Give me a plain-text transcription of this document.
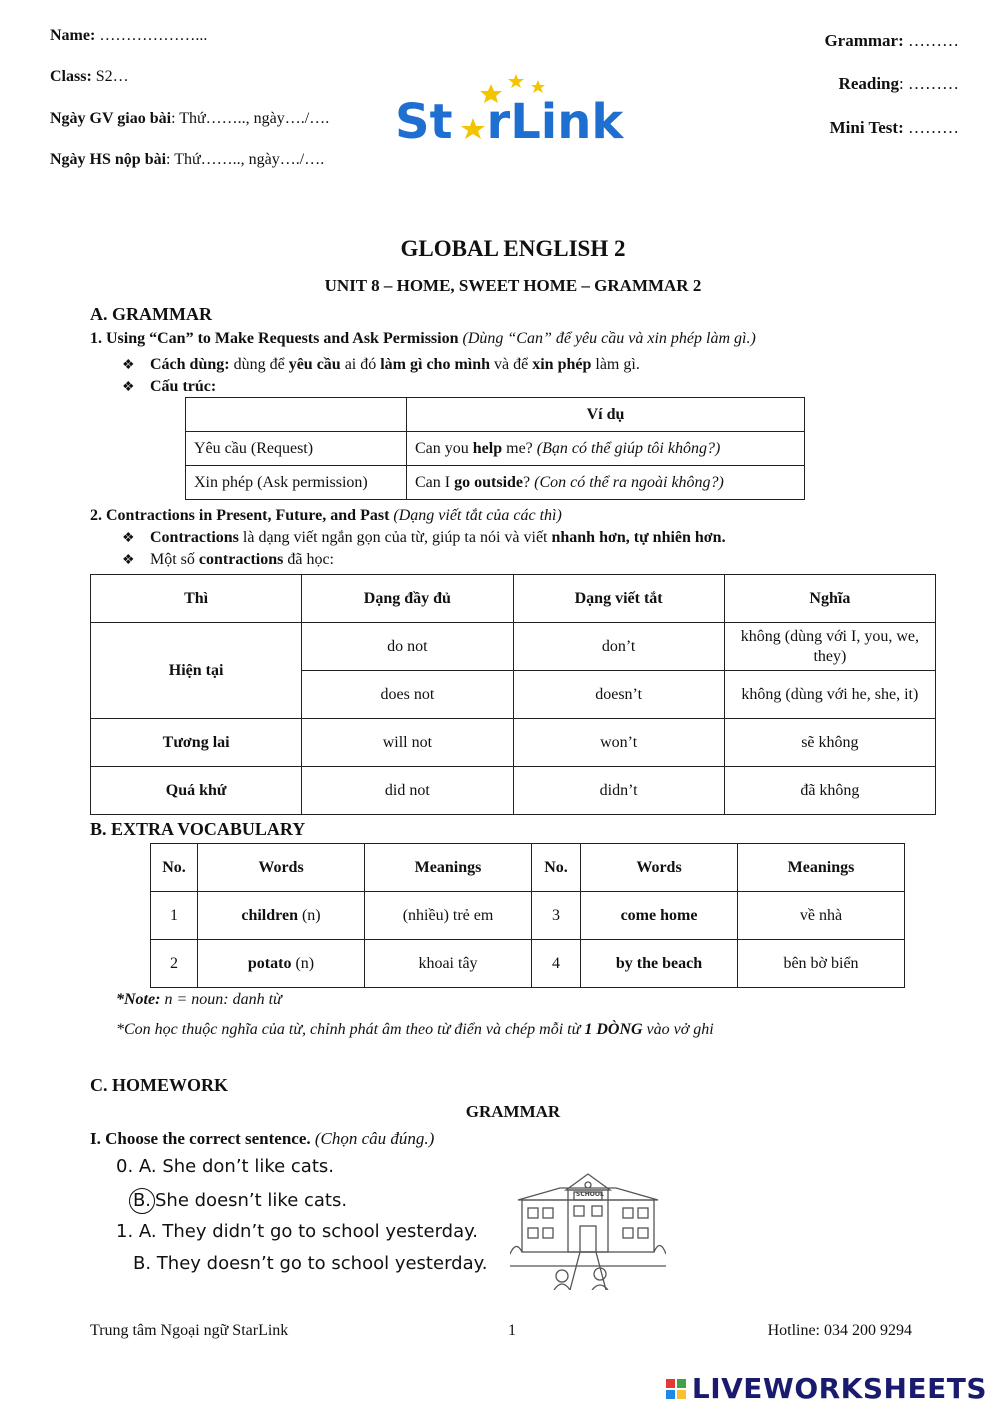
Name: ………………...
Class: S2…
Ngày GV giao bài: Thứ…….., ngày…./….
Ngày HS nộp bài: Thứ…….., ngày…./….
Grammar: ………
Reading: ………
Mini Test: ………
St rLink
GLOBAL ENGLISH 2
UNIT 8 – HOME, SWEET HOME – GRAMMAR 2
A. GRAMMAR
1. Using “Can” to Make Requests and Ask Permission (Dùng “Can” để yêu cầu và xin phép làm gì.)
❖ Cách dùng: dùng để yêu cầu ai đó làm gì cho mình và để xin phép làm gì.
❖ Cấu trúc:
	Ví dụ
Yêu cầu (Request)	Can you help me? (Bạn có thể giúp tôi không?)
Xin phép (Ask permission)	Can I go outside? (Con có thể ra ngoài không?)
2. Contractions in Present, Future, and Past (Dạng viết tắt của các thì)
❖ Contractions là dạng viết ngắn gọn của từ, giúp ta nói và viết nhanh hơn, tự nhiên hơn.
❖ Một số contractions đã học:
Thì	Dạng đầy đủ	Dạng viết tắt	Nghĩa
Hiện tại	do not	don’t	không (dùng với I, you, we, they)
	does not	doesn’t	không (dùng với he, she, it)
Tương lai	will not	won’t	sẽ không
Quá khứ	did not	didn’t	đã không
B. EXTRA VOCABULARY
No.	Words	Meanings	No.	Words	Meanings
1	children (n)	(nhiều) trẻ em	3	come home	về nhà
2	potato (n)	khoai tây	4	by the beach	bên bờ biển
*Note: n = noun: danh từ
*Con học thuộc nghĩa của từ, chỉnh phát âm theo từ điển và chép mỗi từ 1 DÒNG vào vở ghi
C. HOMEWORK
GRAMMAR
I. Choose the correct sentence. (Chọn câu đúng.)
0. A. She don’t like cats.
B. She doesn’t like cats.
1. A. They didn’t go to school yesterday.
B. They doesn’t go to school yesterday.
SCHOOL
Trung tâm Ngoại ngữ StarLink	1	Hotline: 034 200 9294
LIVEWORKSHEETS
